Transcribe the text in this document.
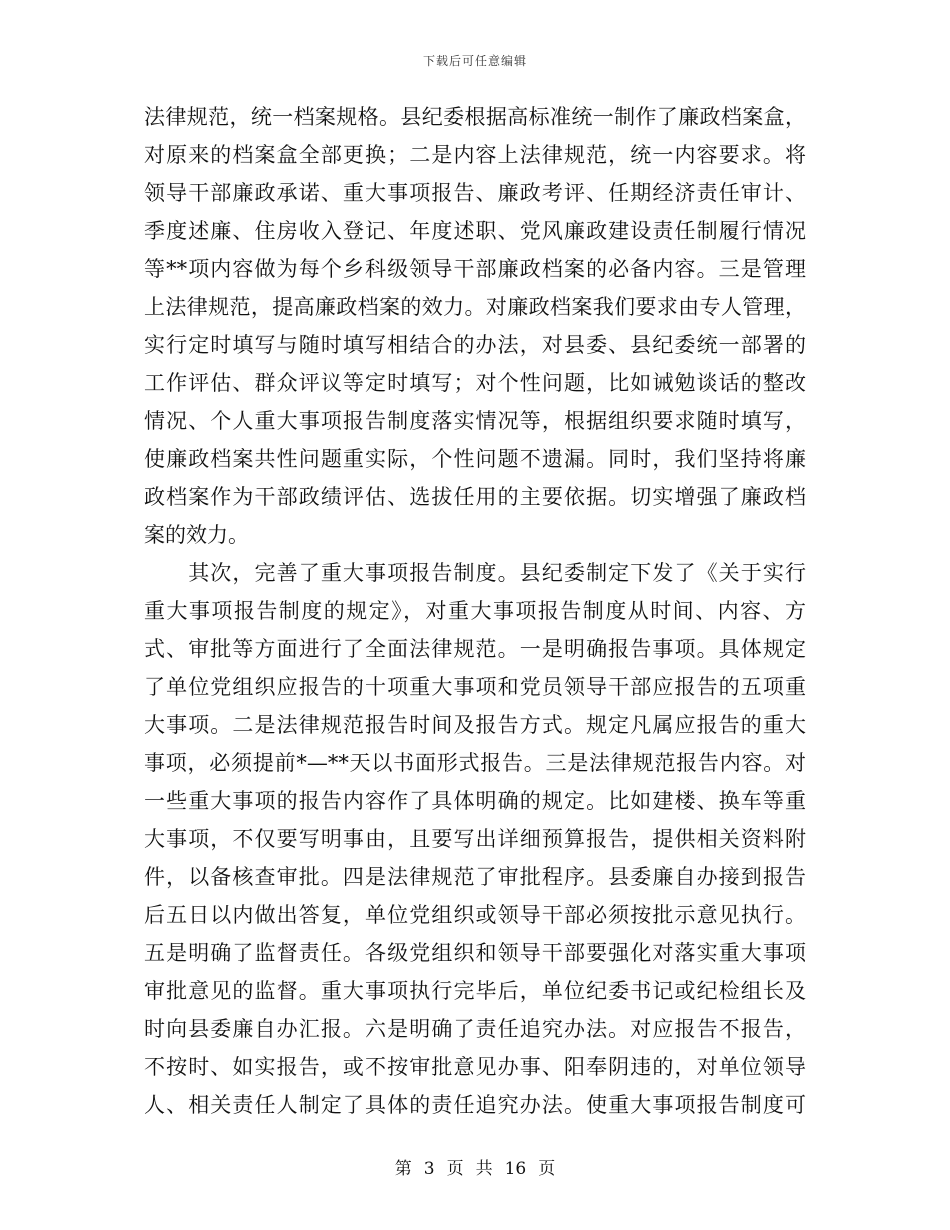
下载后可任意编辑
法律规范，统一档案规格。县纪委根据高标准统一制作了廉政档案盒，
对原来的档案盒全部更换；二是内容上法律规范，统一内容要求。将
领导干部廉政承诺、重大事项报告、廉政考评、任期经济责任审计、
季度述廉、住房收入登记、年度述职、党风廉政建设责任制履行情况
等**项内容做为每个乡科级领导干部廉政档案的必备内容。三是管理
上法律规范，提高廉政档案的效力。对廉政档案我们要求由专人管理，
实行定时填写与随时填写相结合的办法，对县委、县纪委统一部署的
工作评估、群众评议等定时填写；对个性问题，比如诫勉谈话的整改
情况、个人重大事项报告制度落实情况等，根据组织要求随时填写，
使廉政档案共性问题重实际，个性问题不遗漏。同时，我们坚持将廉
政档案作为干部政绩评估、选拔任用的主要依据。切实增强了廉政档
案的效力。
　　其次，完善了重大事项报告制度。县纪委制定下发了《关于实行
重大事项报告制度的规定》，对重大事项报告制度从时间、内容、方
式、审批等方面进行了全面法律规范。一是明确报告事项。具体规定
了单位党组织应报告的十项重大事项和党员领导干部应报告的五项重
大事项。二是法律规范报告时间及报告方式。规定凡属应报告的重大
事项，必须提前*—**天以书面形式报告。三是法律规范报告内容。对
一些重大事项的报告内容作了具体明确的规定。比如建楼、换车等重
大事项，不仅要写明事由，且要写出详细预算报告，提供相关资料附
件，以备核查审批。四是法律规范了审批程序。县委廉自办接到报告
后五日以内做出答复，单位党组织或领导干部必须按批示意见执行。
五是明确了监督责任。各级党组织和领导干部要强化对落实重大事项
审批意见的监督。重大事项执行完毕后，单位纪委书记或纪检组长及
时向县委廉自办汇报。六是明确了责任追究办法。对应报告不报告，
不按时、如实报告，或不按审批意见办事、阳奉阴违的，对单位领导
人、相关责任人制定了具体的责任追究办法。使重大事项报告制度可
第 3 页 共 16 页
